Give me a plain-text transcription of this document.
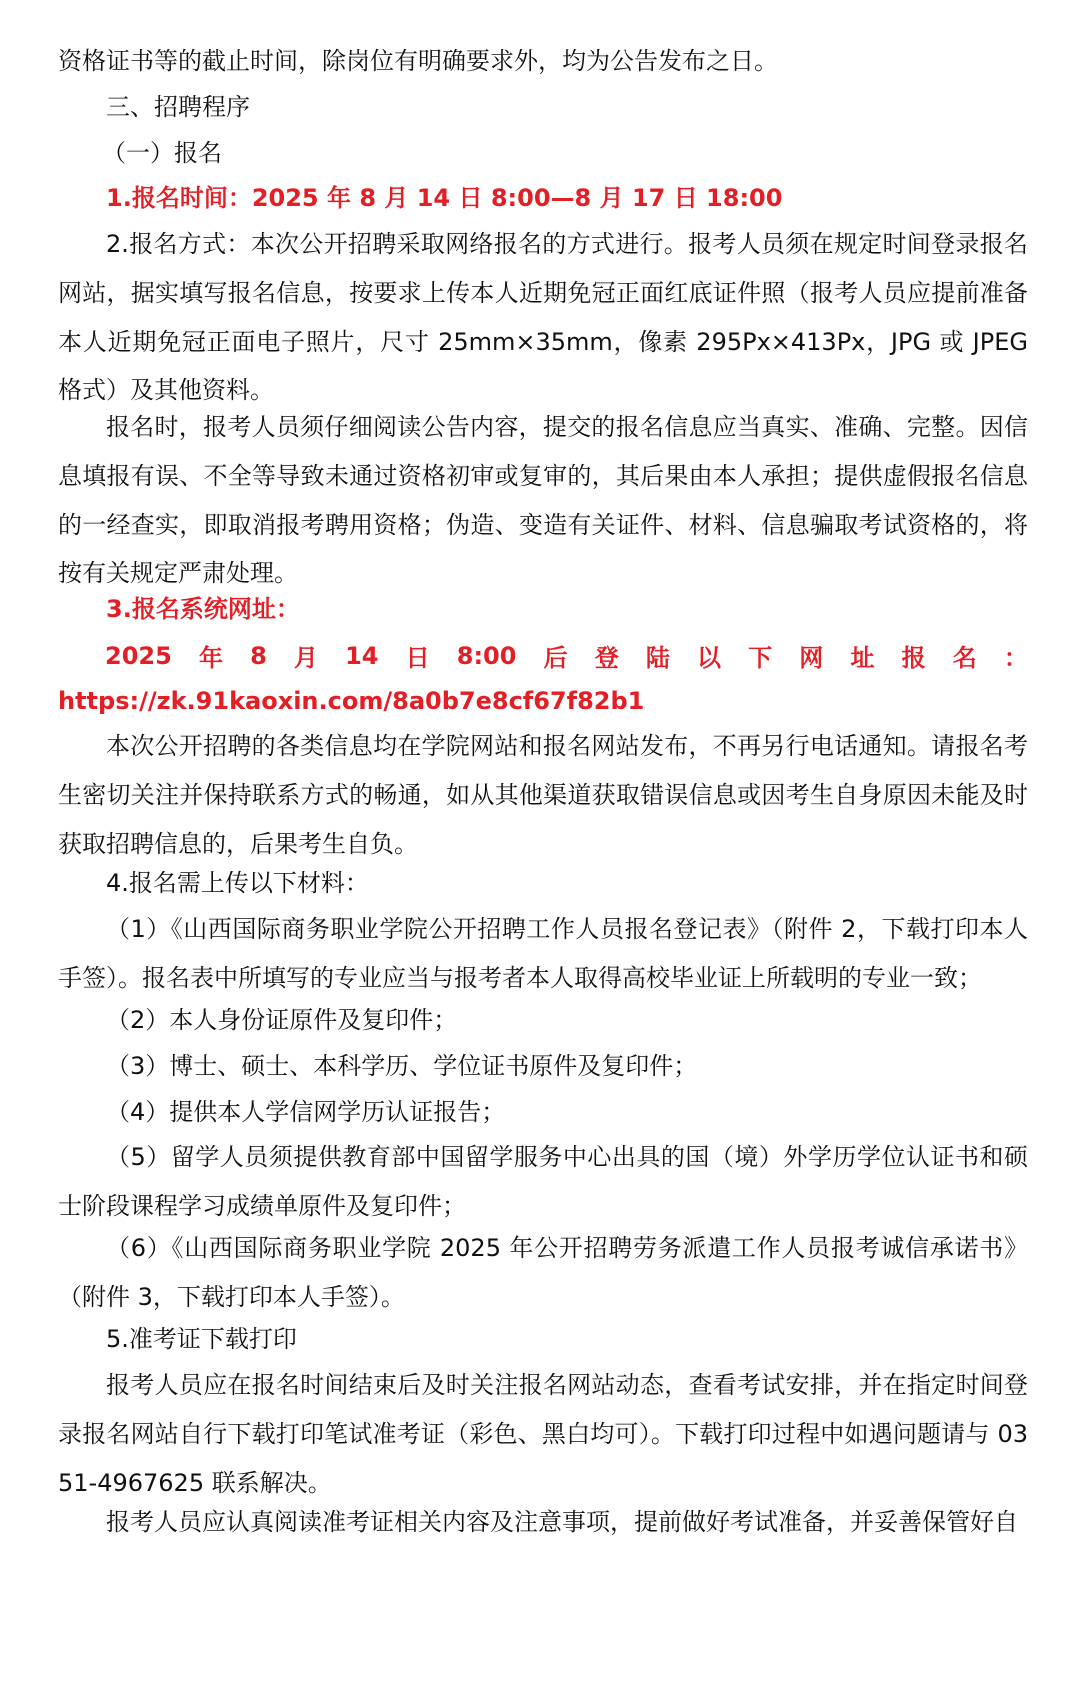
资格证书等的截止时间，除岗位有明确要求外，均为公告发布之日。

三、招聘程序

（一）报名

1.报名时间：2025 年 8 月 14 日 8:00—8 月 17 日 18:00

2.报名方式：本次公开招聘采取网络报名的方式进行。报考人员须在规定时间登录报名网站，据实填写报名信息，按要求上传本人近期免冠正面红底证件照（报考人员应提前准备本人近期免冠正面电子照片，尺寸 25mm×35mm，像素 295Px×413Px，JPG 或 JPEG 格式）及其他资料。

报名时，报考人员须仔细阅读公告内容，提交的报名信息应当真实、准确、完整。因信息填报有误、不全等导致未通过资格初审或复审的，其后果由本人承担；提供虚假报名信息的一经查实，即取消报考聘用资格；伪造、变造有关证件、材料、信息骗取考试资格的，将按有关规定严肃处理。

3.报名系统网址：

2025 年 8 月 14 日 8:00 后 登 陆 以 下 网 址 报 名 ：

https://zk.91kaoxin.com/8a0b7e8cf67f82b1

本次公开招聘的各类信息均在学院网站和报名网站发布，不再另行电话通知。请报名考生密切关注并保持联系方式的畅通，如从其他渠道获取错误信息或因考生自身原因未能及时获取招聘信息的，后果考生自负。

4.报名需上传以下材料：

（1）《山西国际商务职业学院公开招聘工作人员报名登记表》（附件 2，下载打印本人手签）。报名表中所填写的专业应当与报考者本人取得高校毕业证上所载明的专业一致；

（2）本人身份证原件及复印件；

（3）博士、硕士、本科学历、学位证书原件及复印件；

（4）提供本人学信网学历认证报告；

（5）留学人员须提供教育部中国留学服务中心出具的国（境）外学历学位认证书和硕士阶段课程学习成绩单原件及复印件；

（6）《山西国际商务职业学院 2025 年公开招聘劳务派遣工作人员报考诚信承诺书》（附件 3，下载打印本人手签）。

5.准考证下载打印

报考人员应在报名时间结束后及时关注报名网站动态，查看考试安排，并在指定时间登录报名网站自行下载打印笔试准考证（彩色、黑白均可）。下载打印过程中如遇问题请与 0351-4967625 联系解决。

报考人员应认真阅读准考证相关内容及注意事项，提前做好考试准备，并妥善保管好自
